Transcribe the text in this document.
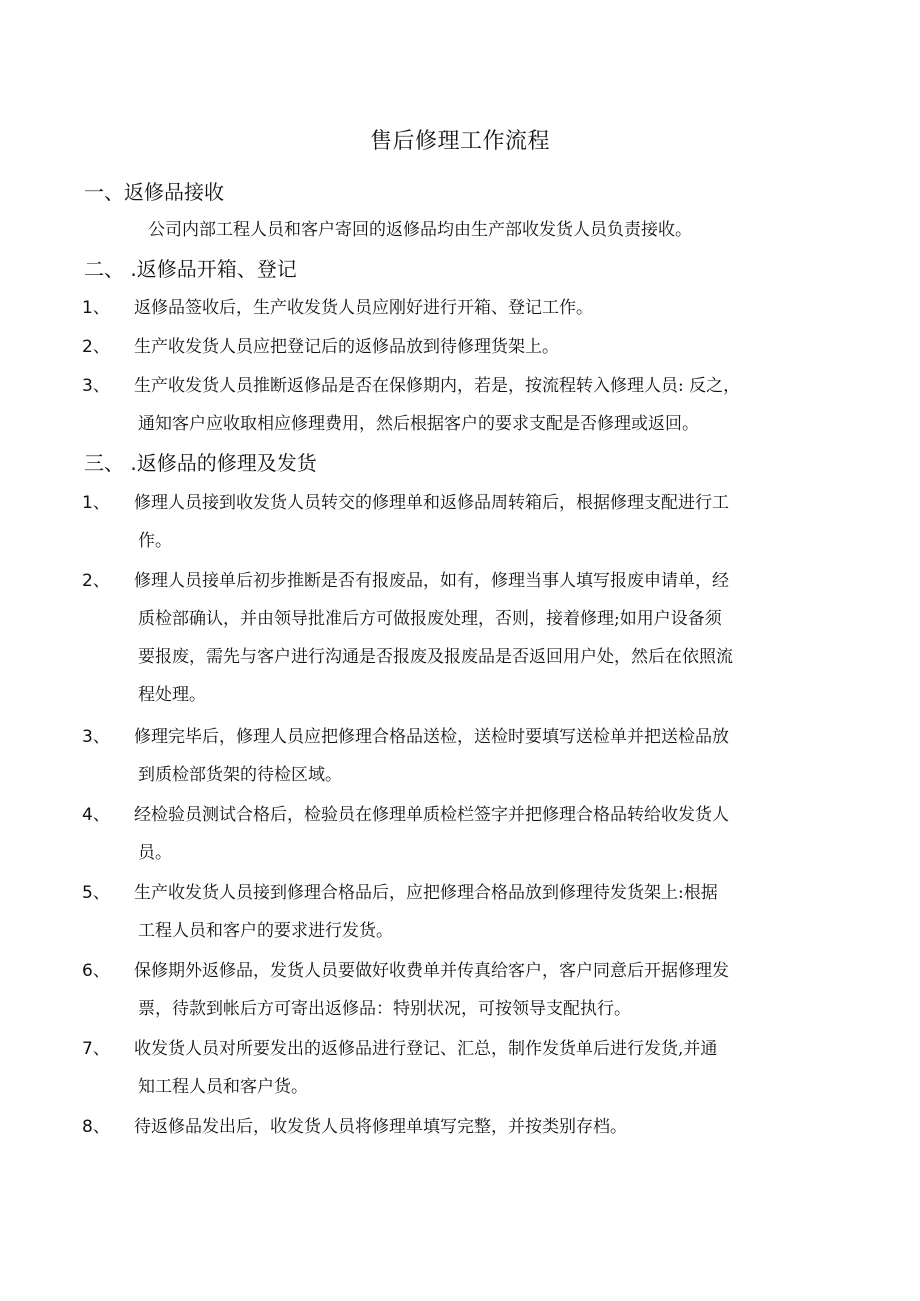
售后修理工作流程
一、返修品接收
公司内部工程人员和客户寄回的返修品均由生产部收发货人员负责接收。
二、 .返修品开箱、登记
1、	返修品签收后，生产收发货人员应刚好进行开箱、登记工作。
2、	生产收发货人员应把登记后的返修品放到待修理货架上。
3、	生产收发货人员推断返修品是否在保修期内，若是，按流程转入修理人员: 反之，
通知客户应收取相应修理费用，然后根据客户的要求支配是否修理或返回。
三、 .返修品的修理及发货
1、	修理人员接到收发货人员转交的修理单和返修品周转箱后，根据修理支配进行工
作。
2、	修理人员接单后初步推断是否有报废品，如有，修理当事人填写报废申请单，经
质检部确认，并由领导批准后方可做报废处理，否则，接着修理;如用户设备须
要报废，需先与客户进行沟通是否报废及报废品是否返回用户处，然后在依照流
程处理。
3、	修理完毕后，修理人员应把修理合格品送检，送检时要填写送检单并把送检品放
到质检部货架的待检区域。
4、	经检验员测试合格后，检验员在修理单质检栏签字并把修理合格品转给收发货人
员。
5、	生产收发货人员接到修理合格品后，应把修理合格品放到修理待发货架上:根据
工程人员和客户的要求进行发货。
6、	保修期外返修品，发货人员要做好收费单并传真给客户，客户同意后开据修理发
票，待款到帐后方可寄出返修品：特别状况，可按领导支配执行。
7、	收发货人员对所要发出的返修品进行登记、汇总，制作发货单后进行发货,并通
知工程人员和客户货。
8、	待返修品发出后，收发货人员将修理单填写完整，并按类别存档。
